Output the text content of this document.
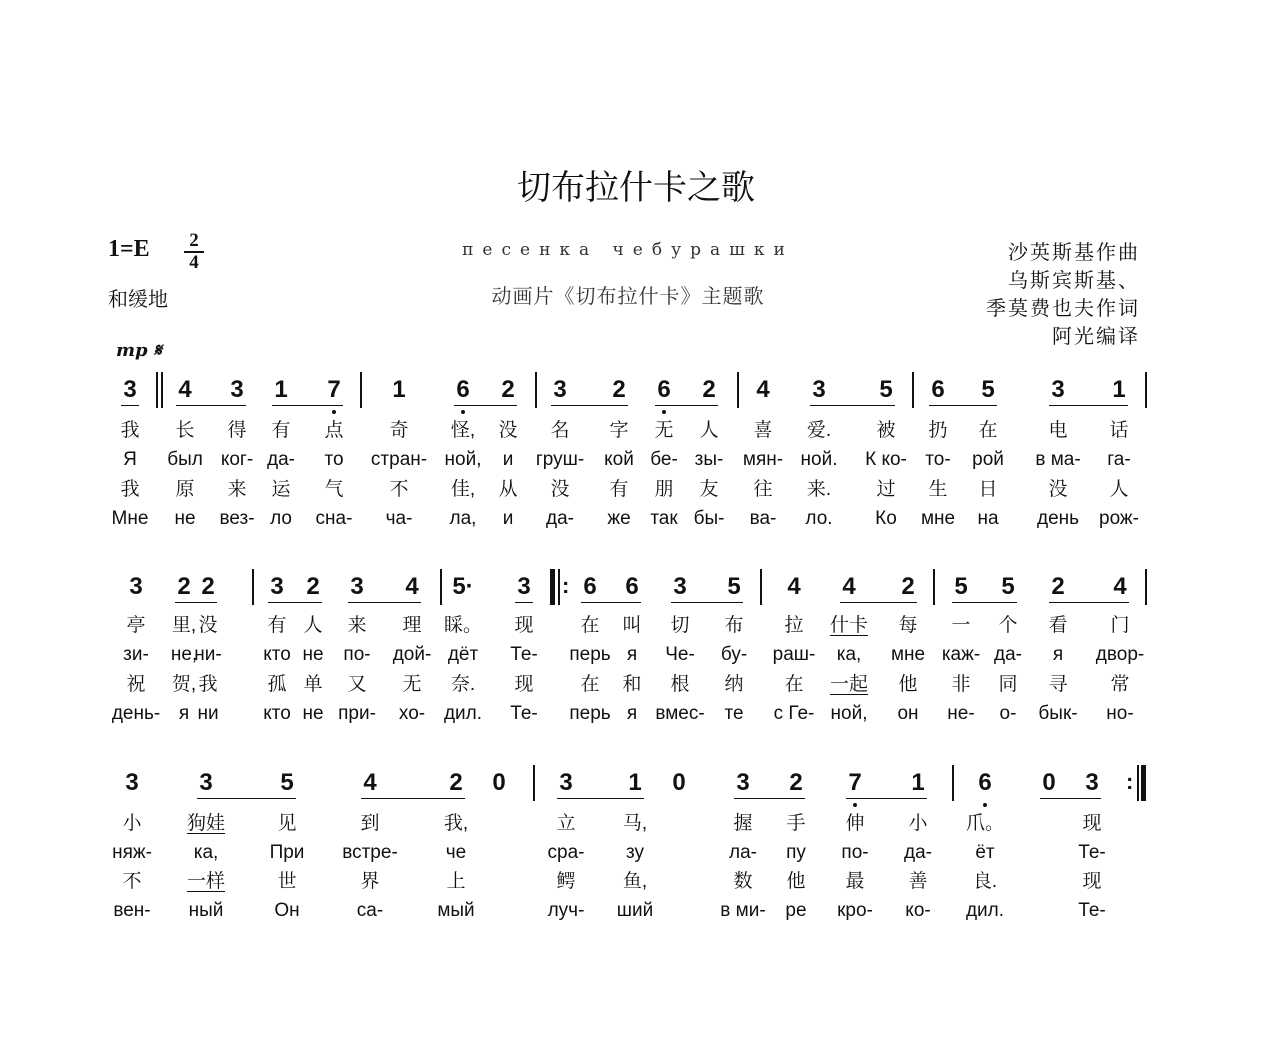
切布拉什卡之歌
1=E 2
4
和缓地
песенка чебурашки
动画片《切布拉什卡》主题歌
沙英斯基作曲
乌斯宾斯基、
季莫费也夫作词
阿光编译
mp 𝄋
3
我
Я
我
Мне
4
长
был
原
не
3
得
ког-
来
вез-
1
有
да-
运
ло
7
点
то
气
сна-
1
奇
стран-
不
ча-
6
怪,
ной,
佳,
ла,
2
没
и
从
и
3
名
груш-
没
да-
2
字
кой
有
же
6
无
бе-
朋
так
2
人
зы-
友
бы-
4
喜
мян-
往
ва-
3
爱.
ной.
来.
ло.
5
被
К ко-
过
Ко
6
扔
то-
生
мне
5
在
рой
日
на
3
电
в ма-
没
день
1
话
га-
人
рож-
3
亭
зи-
祝
день-
2
里,
не,
贺,
я
2
没
ни-
我
ни
3
有
кто
孤
кто
2
人
не
单
не
3
来
по-
又
при-
4
理
дой-
无
хо-
5·
睬。
дёт
奈.
дил.
3
现
Те-
现
Те-
6
在
перь
在
перь
6
叫
я
和
я
3
切
Че-
根
вмес-
5
布
бу-
纳
те
4
拉
раш-
在
с Ге-
4
什卡
ка,
一起
ной,
2
每
мне
他
он
5
一
каж-
非
не-
5
个
да-
同
о-
2
看
я
寻
бык-
4
门
двор-
常
но-
:
3
小
няж-
不
вен-
3
狗娃
ка,
一样
ный
5
见
При
世
Он
4
到
встре-
界
са-
2
我,
че
上
мый
0 3
立
сра-
鳄
луч-
1
马,
зу
鱼,
ший
0 3
握
ла-
数
в ми-
2
手
пу
他
ре
7
伸
по-
最
кро-
1
小
да-
善
ко-
6
爪。
ёт
良.
дил.
0 3
现
Те-
现
Те-
:
